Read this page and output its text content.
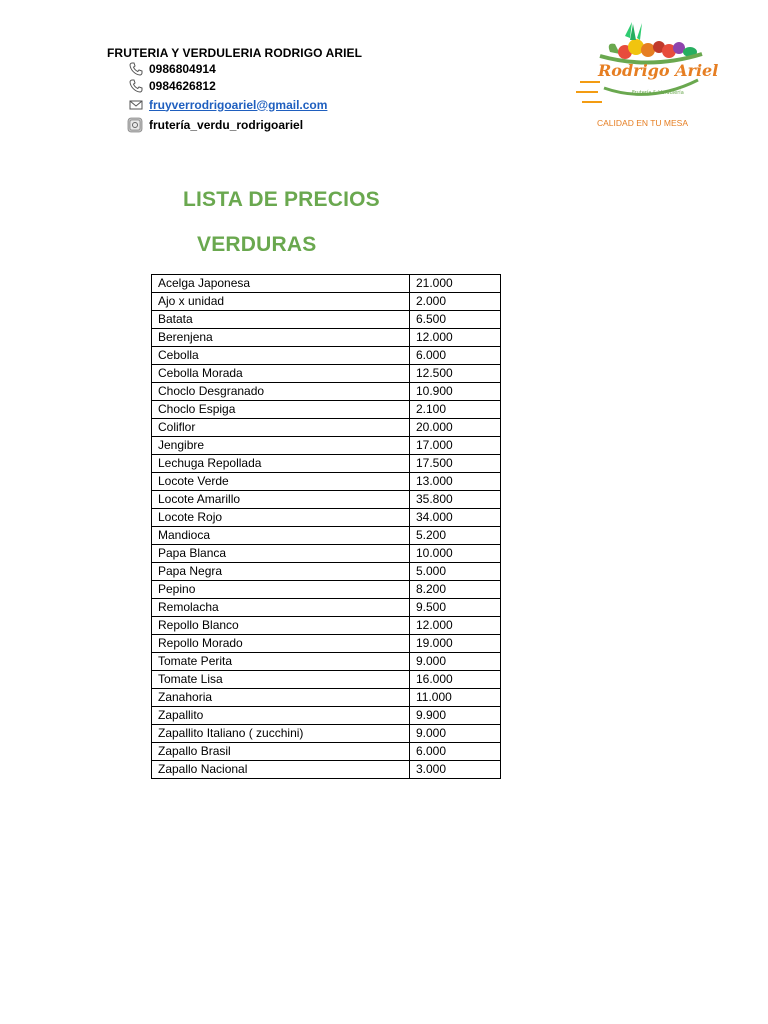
FRUTERIA Y VERDULERIA RODRIGO ARIEL
0986804914
0984626812
fruyverrodrigoariel@gmail.com
frutería_verdu_rodrigoariel
Rodrigo Ariel
Frutería & Verdulería
CALIDAD EN TU MESA
LISTA DE PRECIOS
VERDURAS
Acelga Japonesa	21.000
Ajo x unidad	2.000
Batata	6.500
Berenjena	12.000
Cebolla	6.000
Cebolla Morada	12.500
Choclo Desgranado	10.900
Choclo Espiga	2.100
Coliflor	20.000
Jengibre	17.000
Lechuga Repollada	17.500
Locote Verde	13.000
Locote Amarillo	35.800
Locote Rojo	34.000
Mandioca	5.200
Papa Blanca	10.000
Papa Negra	5.000
Pepino	8.200
Remolacha	9.500
Repollo Blanco	12.000
Repollo Morado	19.000
Tomate Perita	9.000
Tomate Lisa	16.000
Zanahoria	11.000
Zapallito	9.900
Zapallito Italiano ( zucchini)	9.000
Zapallo Brasil	6.000
Zapallo Nacional	3.000
